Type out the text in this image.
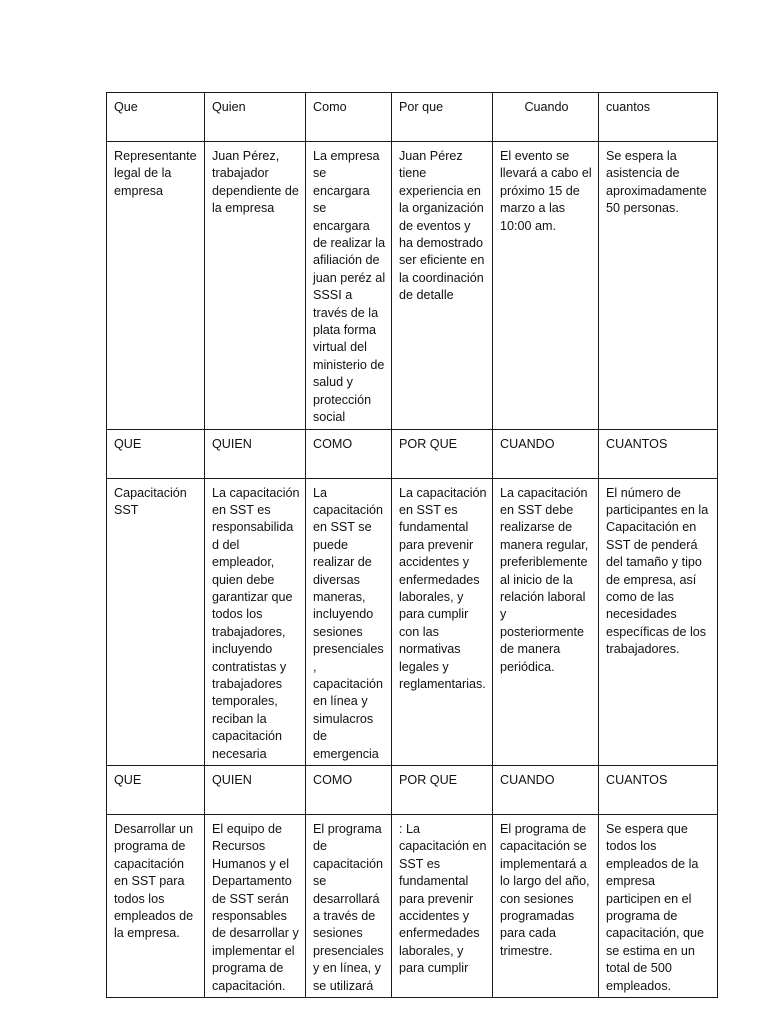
Que	Quien	Como	Por que	Cuando	cuantos
Representante legal de la empresa	Juan Pérez, trabajador dependiente de la empresa	La empresa se encargara se encargara de realizar la afiliación de juan peréz al SSSI a través de la plata forma virtual del ministerio de salud y protección social	Juan Pérez tiene experiencia en la organización de eventos y ha demostrado ser eficiente en la coordinación de detalle	El evento se llevará a cabo el próximo 15 de marzo a las 10:00 am.	Se espera la asistencia de aproximadamente 50 personas.
QUE	QUIEN	COMO	POR QUE	CUANDO	CUANTOS
Capacitación SST	La capacitación en SST es responsabilidad del empleador, quien debe garantizar que todos los trabajadores, incluyendo contratistas y trabajadores temporales, reciban la capacitación necesaria	La capacitación en SST se puede realizar de diversas maneras, incluyendo sesiones presenciales, capacitación en línea y simulacros de emergencia	La capacitación en SST es fundamental para prevenir accidentes y enfermedades laborales, y para cumplir con las normativas legales y reglamentarias.	La capacitación en SST debe realizarse de manera regular, preferiblemente al inicio de la relación laboral y posteriormente de manera periódica.	El número de participantes en la Capacitación en SST de penderá del tamaño y tipo de empresa, así como de las necesidades específicas de los trabajadores.
QUE	QUIEN	COMO	POR QUE	CUANDO	CUANTOS
Desarrollar un programa de capacitación en SST para todos los empleados de la empresa.	El equipo de Recursos Humanos y el Departamento de SST serán responsables de desarrollar y implementar el programa de capacitación.	El programa de capacitación se desarrollará a través de sesiones presenciales y en línea, y se utilizará	: La capacitación en SST es fundamental para prevenir accidentes y enfermedades laborales, y para cumplir	El programa de capacitación se implementará a lo largo del año, con sesiones programadas para cada trimestre.	Se espera que todos los empleados de la empresa participen en el programa de capacitación, que se estima en un total de 500 empleados.
